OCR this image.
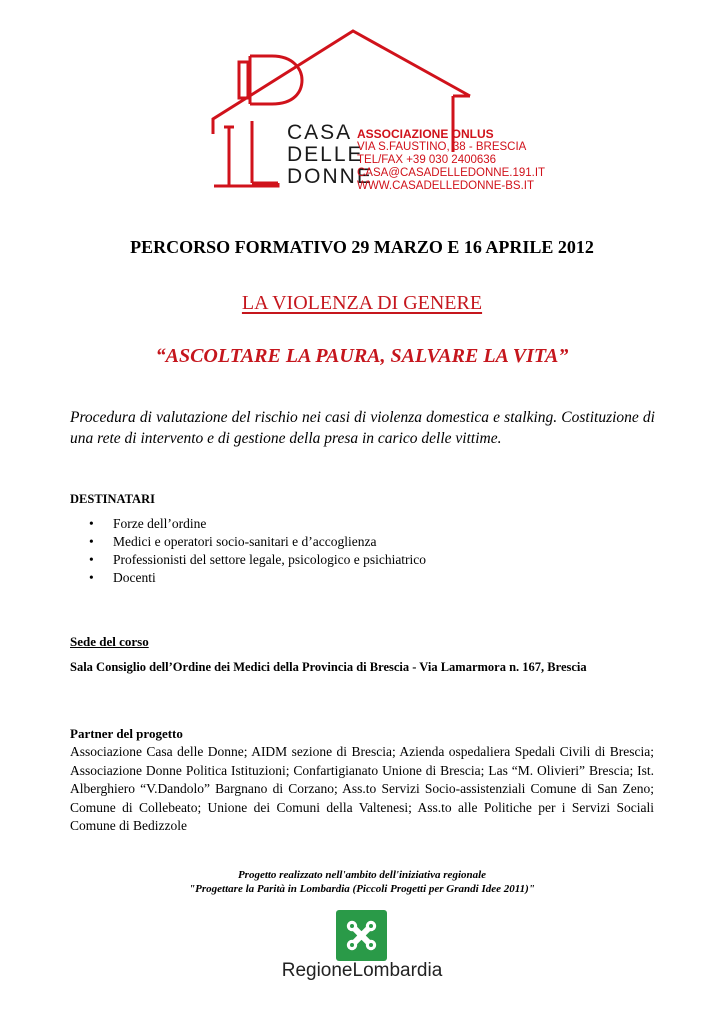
CASA
DELLE
DONNE
ASSOCIAZIONE ONLUS
VIA S.FAUSTINO, 38 - BRESCIA
TEL/FAX +39 030 2400636
CASA@CASADELLEDONNE.191.IT
WWW.CASADELLEDONNE-BS.IT
PERCORSO FORMATIVO 29 MARZO E 16 APRILE 2012
LA VIOLENZA DI GENERE
“ASCOLTARE LA PAURA, SALVARE LA VITA”
Procedura di valutazione del rischio nei casi di violenza domestica e stalking. Costituzione di una rete di intervento e di gestione della presa in carico delle vittime.
DESTINATARI
• Forze dell’ordine
• Medici e operatori socio-sanitari e d’accoglienza
• Professionisti del settore legale, psicologico e psichiatrico
• Docenti
Sede del corso
Sala Consiglio dell’Ordine dei Medici della Provincia di Brescia - Via Lamarmora n. 167, Brescia
Partner del progetto
Associazione Casa delle Donne; AIDM sezione di Brescia; Azienda ospedaliera Spedali Civili di Brescia; Associazione Donne Politica Istituzioni; Confartigianato Unione di Brescia; Las “M. Olivieri” Brescia; Ist. Alberghiero “V.Dandolo” Bargnano di Corzano; Ass.to Servizi Socio-assistenziali Comune di San Zeno; Comune di Collebeato; Unione dei Comuni della Valtenesi; Ass.to alle Politiche per i Servizi Sociali Comune di Bedizzole
Progetto realizzato nell'ambito dell'iniziativa regionale
"Progettare la Parità in Lombardia (Piccoli Progetti per Grandi Idee 2011)"
RegioneLombardia
